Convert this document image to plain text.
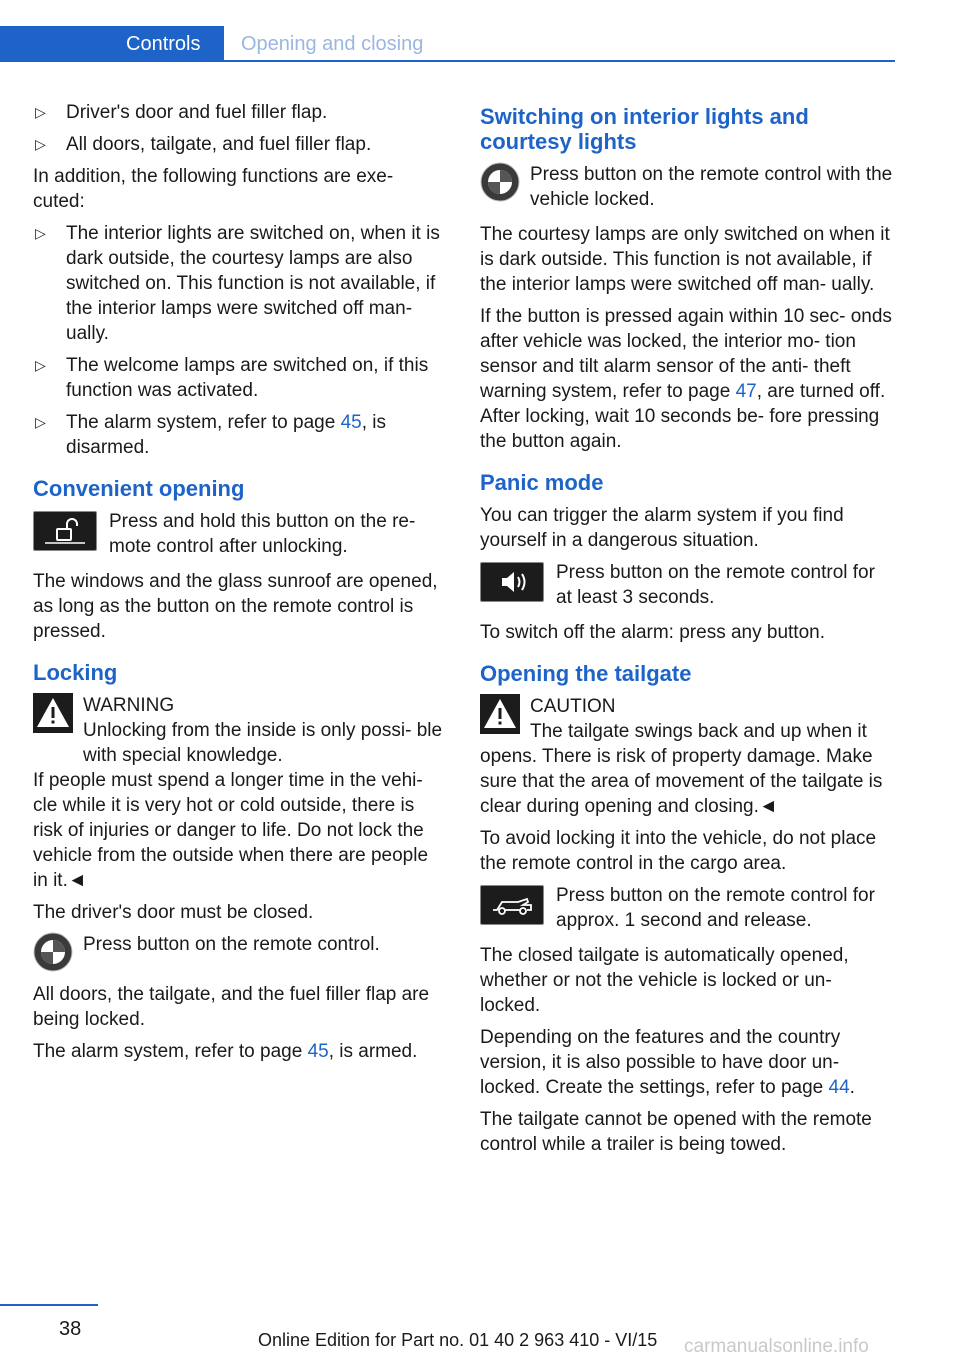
Controls Opening and closing
▷ Driver's door and fuel filler flap.
▷ All doors, tailgate, and fuel filler flap.

In addition, the following functions are exe‐ cuted:

▷ The interior lights are switched on, when it is dark outside, the courtesy lamps are also switched on. This function is not available, if the interior lamps were switched off man‐ ually.
▷ The welcome lamps are switched on, if this function was activated.
▷ The alarm system, refer to page 45, is disarmed.
Convenient opening
Press and hold this button on the re‐ mote control after unlocking.

The windows and the glass sunroof are opened, as long as the button on the remote control is pressed.

Locking
WARNING
Unlocking from the inside is only possi‐ ble with special knowledge.

If people must spend a longer time in the vehi‐ cle while it is very hot or cold outside, there is risk of injuries or danger to life. Do not lock the vehicle from the outside when there are people in it.◄

The driver's door must be closed.

Press button on the remote control.

All doors, the tailgate, and the fuel filler flap are being locked.

The alarm system, refer to page 45, is armed.

Switching on interior lights and courtesy lights
Press button on the remote control with the vehicle locked.

The courtesy lamps are only switched on when it is dark outside. This function is not available, if the interior lamps were switched off man‐ ually.

If the button is pressed again within 10 sec‐ onds after vehicle was locked, the interior mo‐ tion sensor and tilt alarm sensor of the anti‐ theft warning system, refer to page 47, are turned off. After locking, wait 10 seconds be‐ fore pressing the button again.

Panic mode

You can trigger the alarm system if you find yourself in a dangerous situation.

Press button on the remote control for at least 3 seconds.

To switch off the alarm: press any button.

Opening the tailgate
CAUTION
The tailgate swings back and up when it

opens. There is risk of property damage. Make sure that the area of movement of the tailgate is clear during opening and closing.◄

To avoid locking it into the vehicle, do not place the remote control in the cargo area.

Press button on the remote control for approx. 1 second and release.

The closed tailgate is automatically opened, whether or not the vehicle is locked or un‐ locked.

Depending on the features and the country version, it is also possible to have door un‐ locked. Create the settings, refer to page 44.

The tailgate cannot be opened with the remote control while a trailer is being towed.

38	Online Edition for Part no. 01 40 2 963 410 - VI/15 carmanualsonline.info
